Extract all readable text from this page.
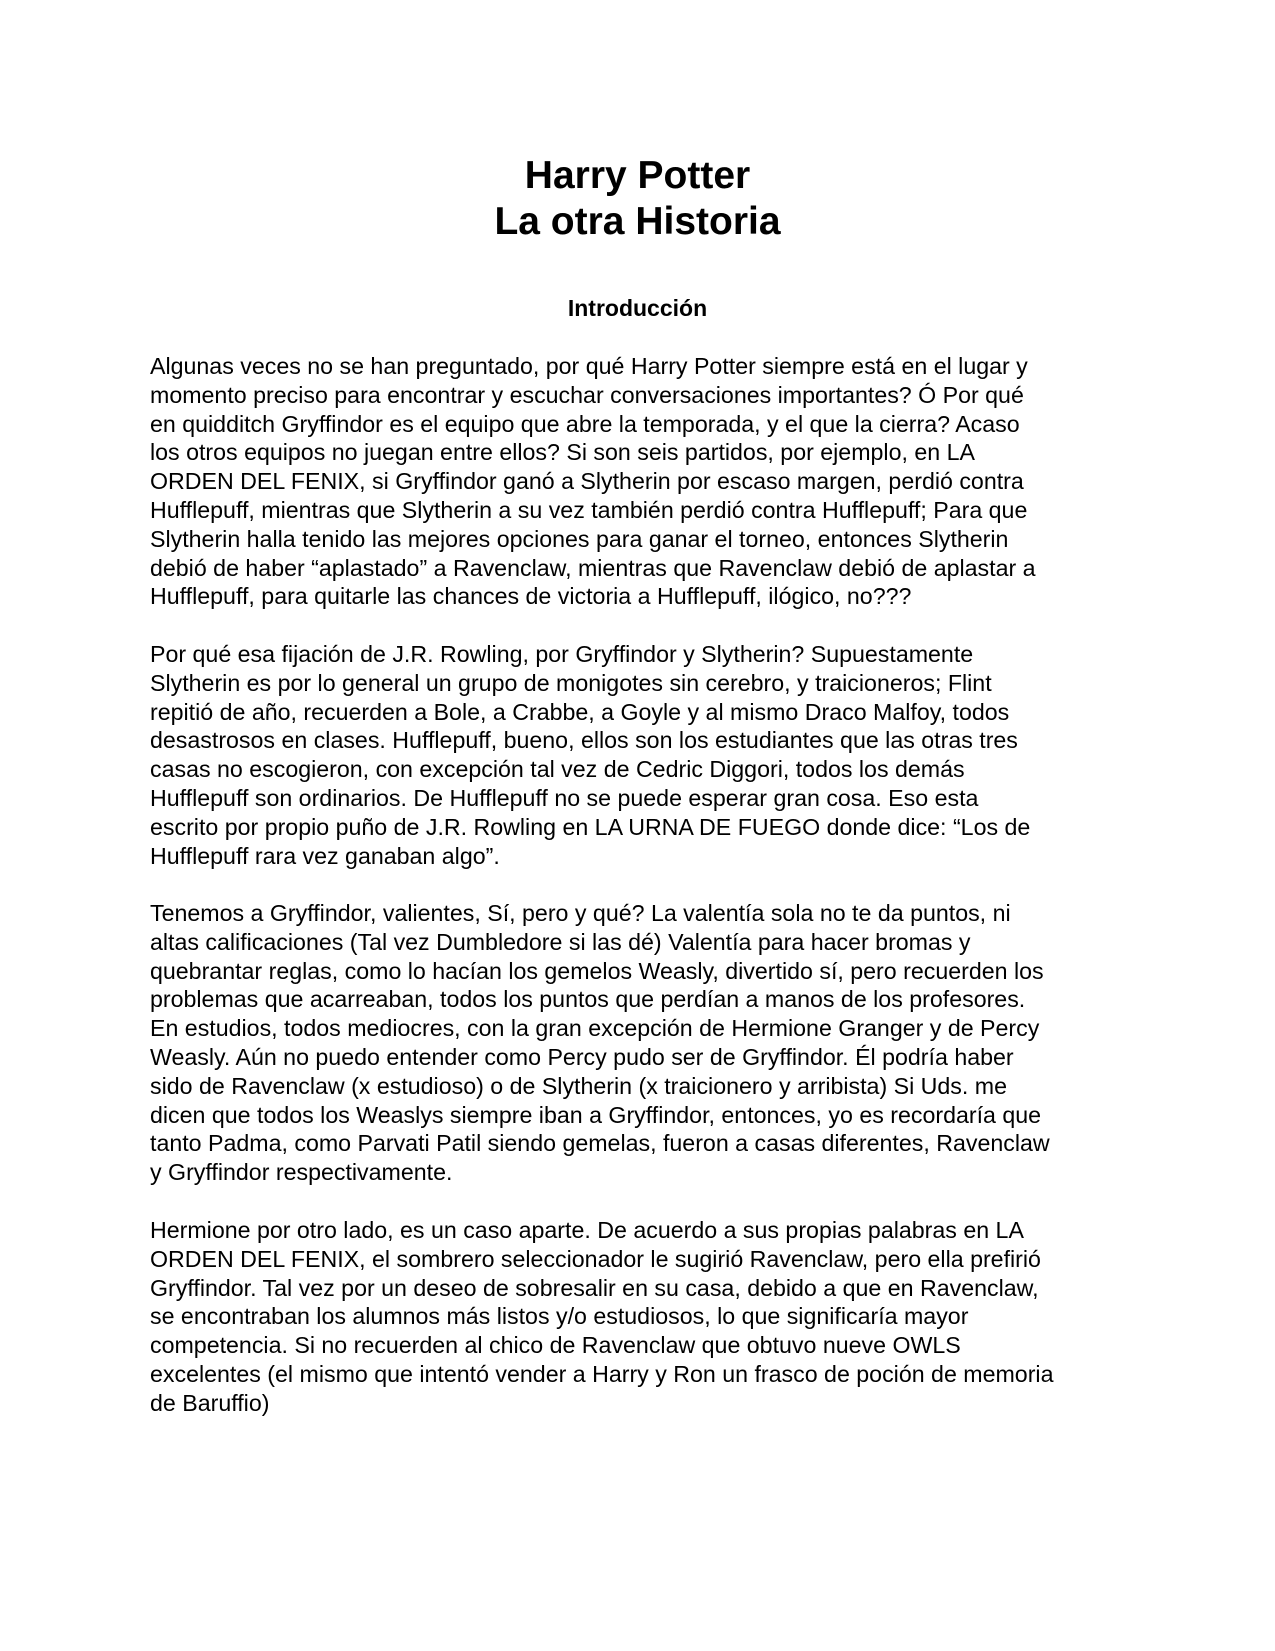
Harry Potter
La otra Historia
Introducción

Algunas veces no se han preguntado, por qué Harry Potter siempre está en el lugar y
momento preciso para encontrar y escuchar conversaciones importantes? Ó Por qué
en quidditch Gryffindor es el equipo que abre la temporada, y el que la cierra? Acaso
los otros equipos no juegan entre ellos? Si son seis partidos, por ejemplo, en LA
ORDEN DEL FENIX, si Gryffindor ganó a Slytherin por escaso margen, perdió contra
Hufflepuff, mientras que Slytherin a su vez también perdió contra Hufflepuff; Para que
Slytherin halla tenido las mejores opciones para ganar el torneo, entonces Slytherin
debió de haber “aplastado” a Ravenclaw, mientras que Ravenclaw debió de aplastar a
Hufflepuff, para quitarle las chances de victoria a Hufflepuff, ilógico, no???

Por qué esa fijación de J.R. Rowling, por Gryffindor y Slytherin? Supuestamente
Slytherin es por lo general un grupo de monigotes sin cerebro, y traicioneros; Flint
repitió de año, recuerden a Bole, a Crabbe, a Goyle y al mismo Draco Malfoy, todos
desastrosos en clases. Hufflepuff, bueno, ellos son los estudiantes que las otras tres
casas no escogieron, con excepción tal vez de Cedric Diggori, todos los demás
Hufflepuff son ordinarios. De Hufflepuff no se puede esperar gran cosa. Eso esta
escrito por propio puño de J.R. Rowling en LA URNA DE FUEGO donde dice: “Los de
Hufflepuff rara vez ganaban algo”.

Tenemos a Gryffindor, valientes, Sí, pero y qué? La valentía sola no te da puntos, ni
altas calificaciones (Tal vez Dumbledore si las dé) Valentía para hacer bromas y
quebrantar reglas, como lo hacían los gemelos Weasly, divertido sí, pero recuerden los
problemas que acarreaban, todos los puntos que perdían a manos de los profesores.
En estudios, todos mediocres, con la gran excepción de Hermione Granger y de Percy
Weasly. Aún no puedo entender como Percy pudo ser de Gryffindor. Él podría haber
sido de Ravenclaw (x estudioso) o de Slytherin (x traicionero y arribista) Si Uds. me
dicen que todos los Weaslys siempre iban a Gryffindor, entonces, yo es recordaría que
tanto Padma, como Parvati Patil siendo gemelas, fueron a casas diferentes, Ravenclaw
y Gryffindor respectivamente.

Hermione por otro lado, es un caso aparte. De acuerdo a sus propias palabras en LA
ORDEN DEL FENIX, el sombrero seleccionador le sugirió Ravenclaw, pero ella prefirió
Gryffindor. Tal vez por un deseo de sobresalir en su casa, debido a que en Ravenclaw,
se encontraban los alumnos más listos y/o estudiosos, lo que significaría mayor
competencia. Si no recuerden al chico de Ravenclaw que obtuvo nueve OWLS
excelentes (el mismo que intentó vender a Harry y Ron un frasco de poción de memoria
de Baruffio)
